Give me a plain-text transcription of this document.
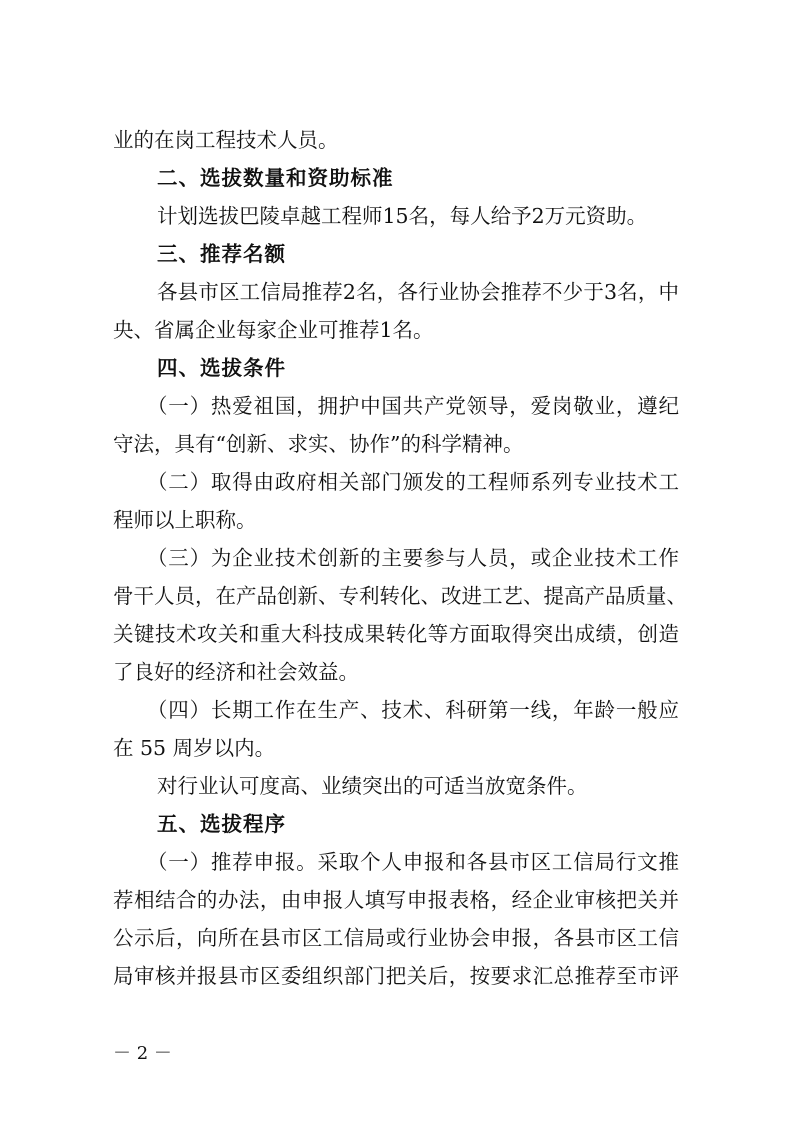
业的在岗工程技术人员。
二、选拔数量和资助标准
计划选拔巴陵卓越工程师15名，每人给予2万元资助。
三、推荐名额
各县市区工信局推荐2名，各行业协会推荐不少于3名，中
央、省属企业每家企业可推荐1名。
四、选拔条件
（一）热爱祖国，拥护中国共产党领导，爱岗敬业，遵纪
守法，具有“创新、求实、协作”的科学精神。
（二）取得由政府相关部门颁发的工程师系列专业技术工
程师以上职称。
（三）为企业技术创新的主要参与人员，或企业技术工作
骨干人员，在产品创新、专利转化、改进工艺、提高产品质量、
关键技术攻关和重大科技成果转化等方面取得突出成绩，创造
了良好的经济和社会效益。
（四）长期工作在生产、技术、科研第一线，年龄一般应
在 55 周岁以内。
对行业认可度高、业绩突出的可适当放宽条件。
五、选拔程序
（一）推荐申报。采取个人申报和各县市区工信局行文推
荐相结合的办法，由申报人填写申报表格，经企业审核把关并
公示后，向所在县市区工信局或行业协会申报，各县市区工信
局审核并报县市区委组织部门把关后，按要求汇总推荐至市评
－ 2 －
